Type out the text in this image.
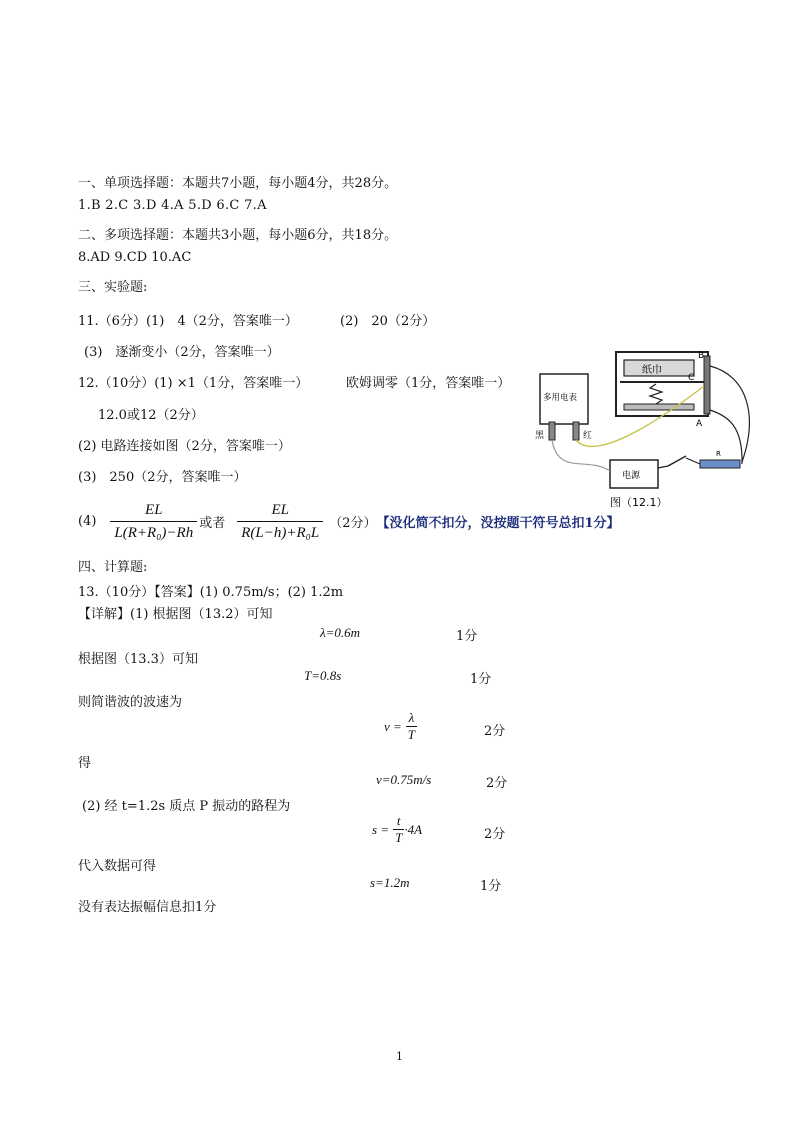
一、单项选择题：本题共7小题，每小题4分，共28分。
1.B 2.C 3.D 4.A 5.D 6.C 7.A
二、多项选择题：本题共3小题，每小题6分，共18分。
8.AD 9.CD 10.AC
三、实验题:
11.（6分）(1)　4（2分，答案唯一）	(2)　20（2分）
(3)　逐渐变小（2分，答案唯一）
12.（10分）(1) ×1（1分，答案唯一）	欧姆调零（1分，答案唯一）
12.0或12（2分）
(2) 电路连接如图（2分，答案唯一）
(3)　250（2分，答案唯一）
$(4) \frac{EL}{\text{L(R+R₀)−Rh}}$ 或者 $\frac{EL}{\text{R(L−h)+R₀L}} (2$分） 【没化简不扣分，没按题干符号总扣1分】
纸巾
B
C
A
多用电表
黑	红
电源
R
图（12.1）
四、计算题:
13.（10分）【答案】(1) 0.75m/s；(2) 1.2m
【详解】(1) 根据图（13.2）可知
λ=0.6m	1分
根据图（13.3）可知
T=0.8s	1分
则简谐波的波速为
$v = \frac{\lambda}{T}$	2分
得
v=0.75m/s	2分
(2) 经 t=1.2s 质点 P 振动的路程为
$s = \frac{t}{T} \cdot 4A$	2分
代入数据可得
s=1.2m	1分
没有表达振幅信息扣1分
1
